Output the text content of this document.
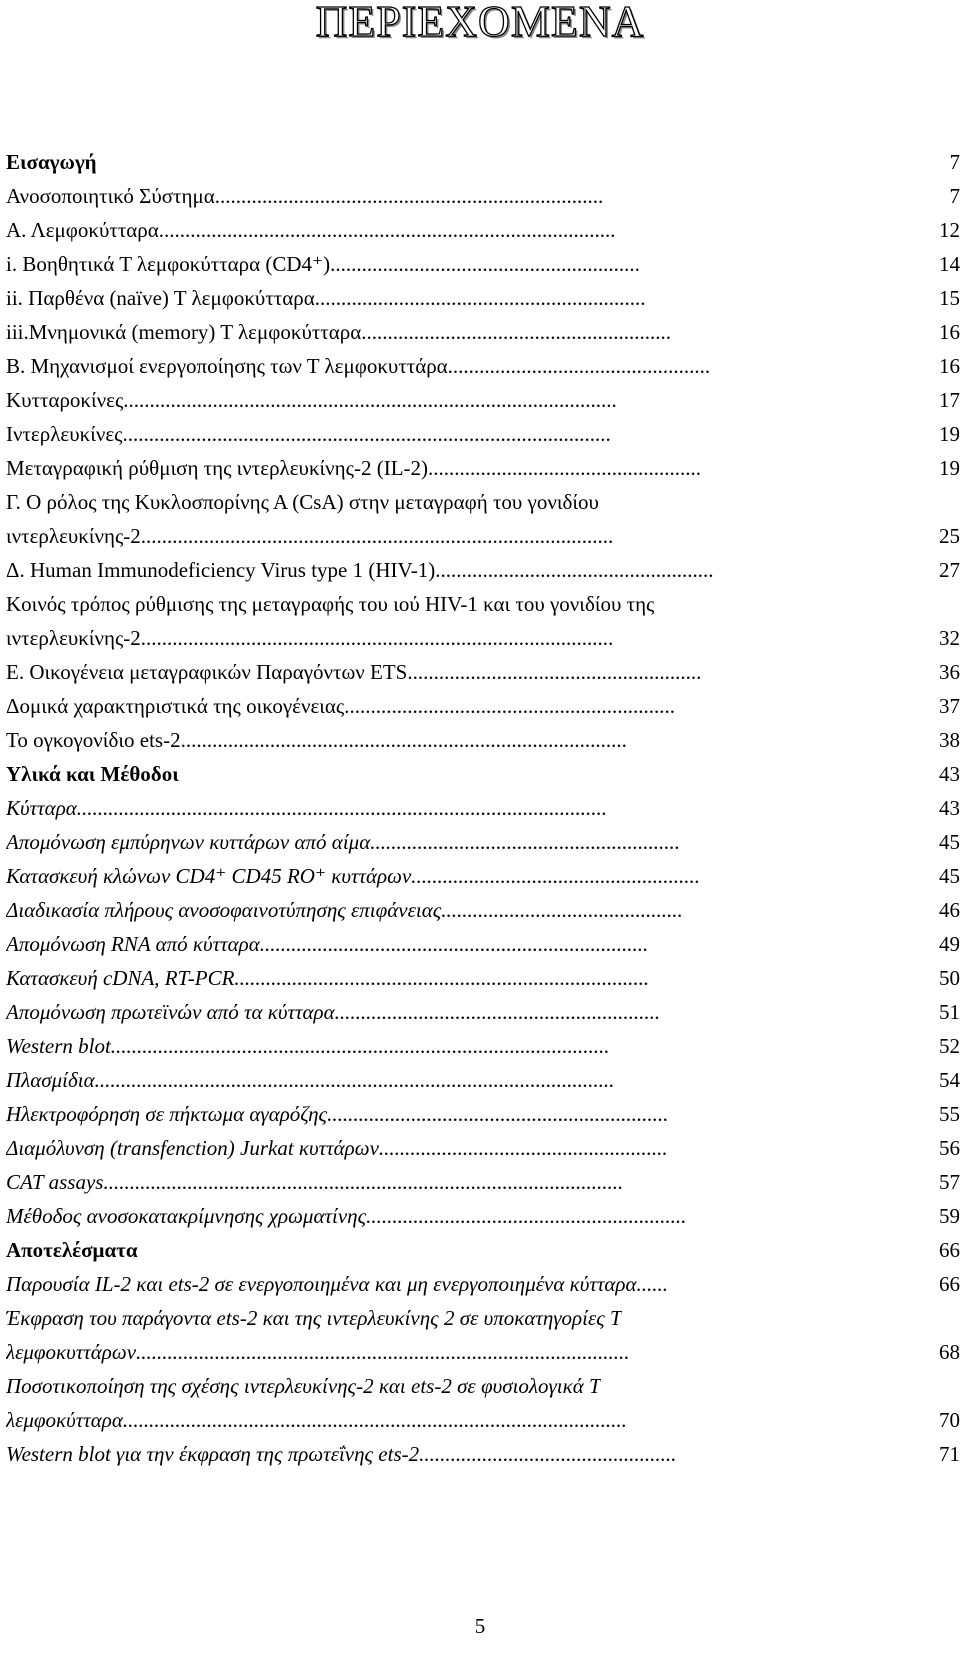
ΠΕΡΙΕΧΟΜΕΝΑ
Εισαγωγή	7
Ανοσοποιητικό Σύστημα..........................................................................	7
Α. Λεμφοκύτταρα.......................................................................................	12
i. Βοηθητικά Τ λεμφοκύτταρα (CD4⁺)...........................................................	14
ii. Παρθένα (naïve) Τ λεμφοκύτταρα...............................................................	15
iii.Μνημονικά (memory) Τ λεμφοκύτταρα...........................................................	16
Β. Μηχανισμοί ενεργοποίησης των Τ λεμφοκυττάρα..................................................	16
Κυτταροκίνες..............................................................................................	17
Ιντερλευκίνες.............................................................................................	19
Μεταγραφική ρύθμιση της ιντερλευκίνης-2 (IL-2)....................................................	19
Γ. Ο ρόλος της Κυκλοσπορίνης Α (CsA) στην μεταγραφή του γονιδίου
ιντερλευκίνης-2..........................................................................................	25
Δ. Human Immunodeficiency Virus type 1 (HIV-1).....................................................	27
Κοινός τρόπος ρύθμισης της μεταγραφής του ιού HIV-1 και του γονιδίου της
ιντερλευκίνης-2..........................................................................................	32
Ε. Οικογένεια μεταγραφικών Παραγόντων ETS........................................................	36
Δομικά χαρακτηριστικά της οικογένειας...............................................................	37
Το ογκογονίδιο ets-2.....................................................................................	38
Υλικά και Μέθοδοι	43
Κύτταρα.....................................................................................................	43
Απομόνωση εμπύρηνων κυττάρων από αίμα...........................................................	45
Κατασκευή κλώνων CD4⁺ CD45 RO⁺ κυττάρων.......................................................	45
Διαδικασία πλήρους ανοσοφαινοτύπησης επιφάνειας..............................................	46
Απομόνωση RNA από κύτταρα..........................................................................	49
Κατασκευή cDNA, RT-PCR...............................................................................	50
Απομόνωση πρωτεϊνών από τα κύτταρα..............................................................	51
Western blot...............................................................................................	52
Πλασμίδια...................................................................................................	54
Ηλεκτροφόρηση σε πήκτωμα αγαρόζης.................................................................	55
Διαμόλυνση (transfenction) Jurkat κυττάρων.......................................................	56
CAT assays...................................................................................................	57
Μέθοδος ανοσοκατακρίμνησης χρωματίνης.............................................................	59
Αποτελέσματα	66
Παρουσία IL-2 και ets-2 σε ενεργοποιημένα και μη ενεργοποιημένα κύτταρα......	66
Έκφραση του παράγοντα ets-2 και της ιντερλευκίνης 2 σε υποκατηγορίες Τ
λεμφοκυττάρων..............................................................................................	68
Ποσοτικοποίηση της σχέσης ιντερλευκίνης-2 και ets-2 σε φυσιολογικά Τ
λεμφοκύτταρα................................................................................................	70
Western blot για την έκφραση της πρωτεΐνης ets-2.................................................	71
5
